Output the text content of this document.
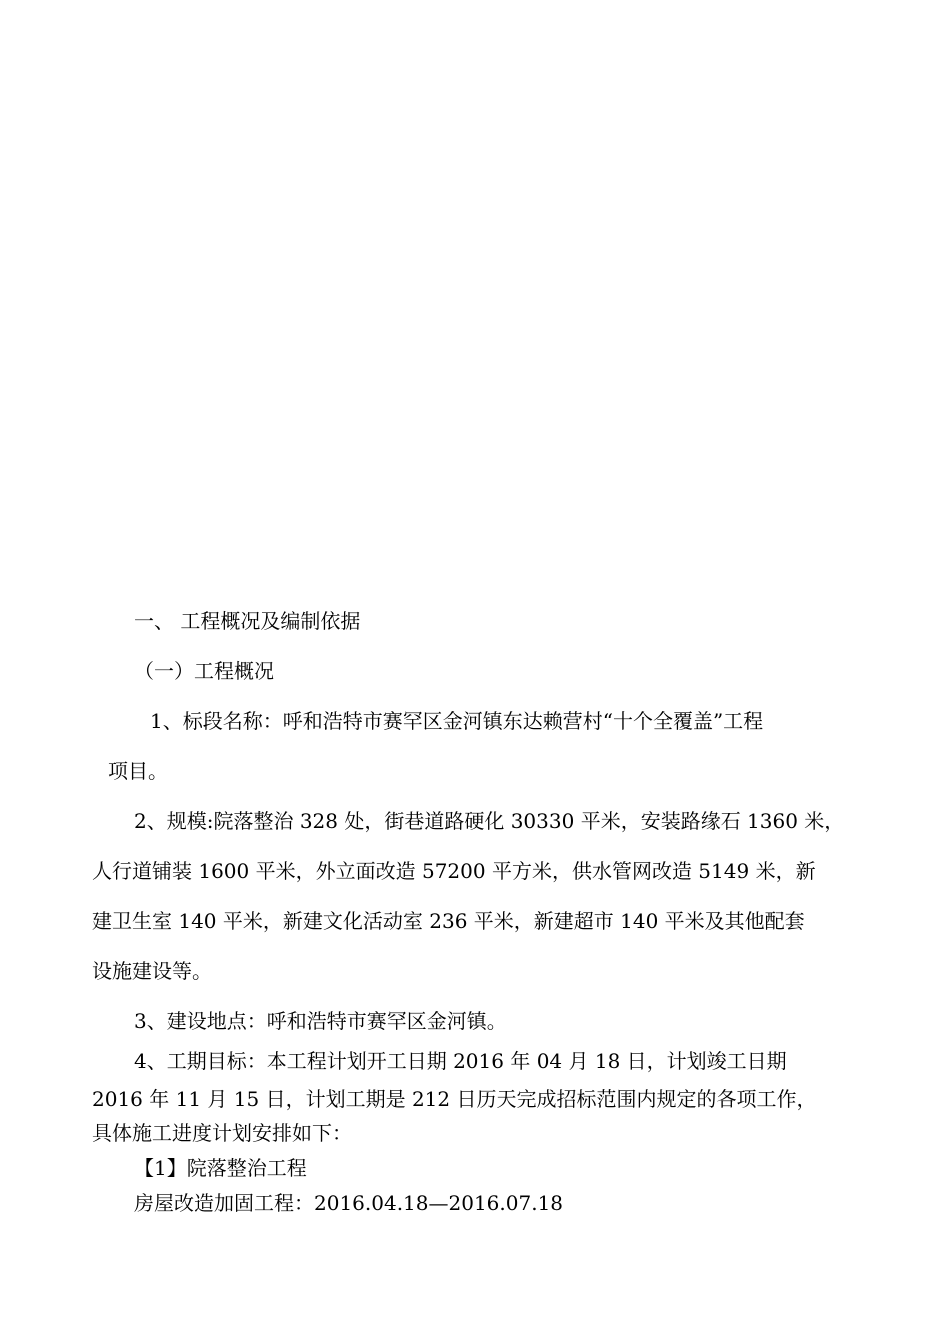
一、 工程概况及编制依据
（一）工程概况
1、标段名称：呼和浩特市赛罕区金河镇东达赖营村“十个全覆盖”工程
项目。
2、规模:院落整治 328 处，街巷道路硬化 30330 平米，安装路缘石 1360 米，
人行道铺装 1600 平米，外立面改造 57200 平方米，供水管网改造 5149 米，新
建卫生室 140 平米，新建文化活动室 236 平米，新建超市 140 平米及其他配套
设施建设等。
3、建设地点：呼和浩特市赛罕区金河镇。
4、工期目标：本工程计划开工日期 2016 年 04 月 18 日，计划竣工日期
2016 年 11 月 15 日，计划工期是 212 日历天完成招标范围内规定的各项工作，
具体施工进度计划安排如下：
【1】院落整治工程
房屋改造加固工程：2016.04.18—2016.07.18
